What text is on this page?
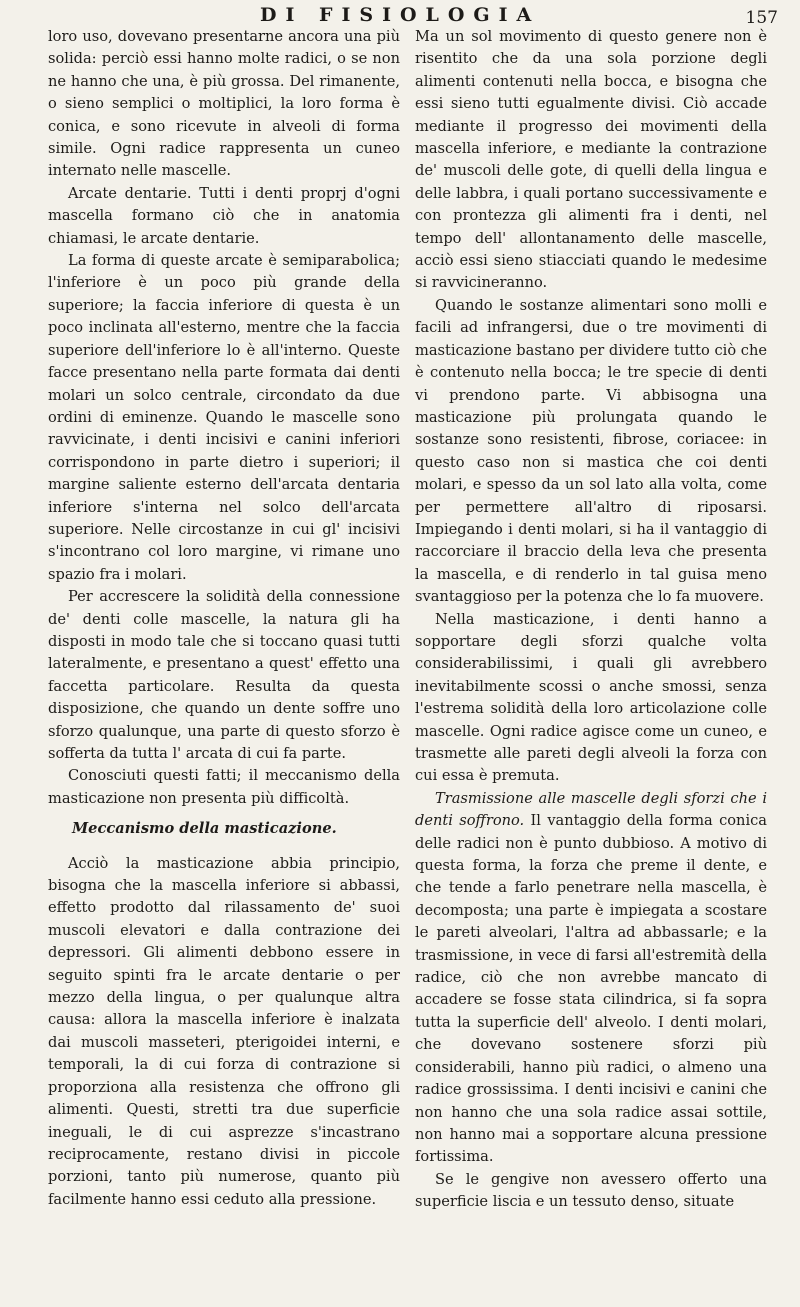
DI FISIOLOGIA	157

loro uso, dovevano presentarne ancora una più solida: perciò essi hanno molte radici, o se non ne hanno che una, è più grossa. Del rimanente, o sieno semplici o moltiplici, la loro forma è conica, e sono ricevute in alveoli di forma simile. Ogni radice rappresenta un cuneo internato nelle mascelle.

Arcate dentarie. Tutti i denti proprj d'ogni mascella formano ciò che in anatomia chiamasi, le arcate dentarie.

La forma di queste arcate è semiparabolica; l'inferiore è un poco più grande della superiore; la faccia inferiore di questa è un poco inclinata all'esterno, mentre che la faccia superiore dell'inferiore lo è all'interno. Queste facce presentano nella parte formata dai denti molari un solco centrale, circondato da due ordini di eminenze. Quando le mascelle sono ravvicinate, i denti incisivi e canini inferiori corrispondono in parte dietro i superiori; il margine saliente esterno dell'arcata dentaria inferiore s'interna nel solco dell'arcata superiore. Nelle circostanze in cui gl' incisivi s'incontrano col loro margine, vi rimane uno spazio fra i molari.

Per accrescere la solidità della connessione de' denti colle mascelle, la natura gli ha disposti in modo tale che si toccano quasi tutti lateralmente, e presentano a quest' effetto una faccetta particolare. Resulta da questa disposizione, che quando un dente soffre uno sforzo qualunque, una parte di questo sforzo è sofferta da tutta l' arcata di cui fa parte.

Conosciuti questi fatti; il meccanismo della masticazione non presenta più difficoltà.

Meccanismo della masticazione.

Acciò la masticazione abbia principio, bisogna che la mascella inferiore si abbassi, effetto prodotto dal rilassamento de' suoi muscoli elevatori e dalla contrazione dei depressori. Gli alimenti debbono essere in seguito spinti fra le arcate dentarie o per mezzo della lingua, o per qualunque altra causa: allora la mascella inferiore è inalzata dai muscoli masseteri, pterigoidei interni, e temporali, la di cui forza di contrazione si proporziona alla resistenza che offrono gli alimenti. Questi, stretti tra due superficie ineguali, le di cui asprezze s'incastrano reciprocamente, restano divisi in piccole porzioni, tanto più numerose, quanto più facilmente hanno essi ceduto alla pressione.

Ma un sol movimento di questo genere non è risentito che da una sola porzione degli alimenti contenuti nella bocca, e bisogna che essi sieno tutti egualmente divisi. Ciò accade mediante il progresso dei movimenti della mascella inferiore, e mediante la contrazione de' muscoli delle gote, di quelli della lingua e delle labbra, i quali portano successivamente e con prontezza gli alimenti fra i denti, nel tempo dell' allontanamento delle mascelle, acciò essi sieno stiacciati quando le medesime si ravvicineranno.

Quando le sostanze alimentari sono molli e facili ad infrangersi, due o tre movimenti di masticazione bastano per dividere tutto ciò che è contenuto nella bocca; le tre specie di denti vi prendono parte. Vi abbisogna una masticazione più prolungata quando le sostanze sono resistenti, fibrose, coriacee: in questo caso non si mastica che coi denti molari, e spesso da un sol lato alla volta, come per permettere all'altro di riposarsi. Impiegando i denti molari, si ha il vantaggio di raccorciare il braccio della leva che presenta la mascella, e di renderlo in tal guisa meno svantaggioso per la potenza che lo fa muovere.

Nella masticazione, i denti hanno a sopportare degli sforzi qualche volta considerabilissimi, i quali gli avrebbero inevitabilmente scossi o anche smossi, senza l'estrema solidità della loro articolazione colle mascelle. Ogni radice agisce come un cuneo, e trasmette alle pareti degli alveoli la forza con cui essa è premuta.

Trasmissione alle mascelle degli sforzi che i denti soffrono. Il vantaggio della forma conica delle radici non è punto dubbioso. A motivo di questa forma, la forza che preme il dente, e che tende a farlo penetrare nella mascella, è decomposta; una parte è impiegata a scostare le pareti alveolari, l'altra ad abbassarle; e la trasmissione, in vece di farsi all'estremità della radice, ciò che non avrebbe mancato di accadere se fosse stata cilindrica, si fa sopra tutta la superficie dell' alveolo. I denti molari, che dovevano sostenere sforzi più considerabili, hanno più radici, o almeno una radice grossissima. I denti incisivi e canini che non hanno che una sola radice assai sottile, non hanno mai a sopportare alcuna pressione fortissima.

Se le gengive non avessero offerto una superficie liscia e un tessuto denso, situate
